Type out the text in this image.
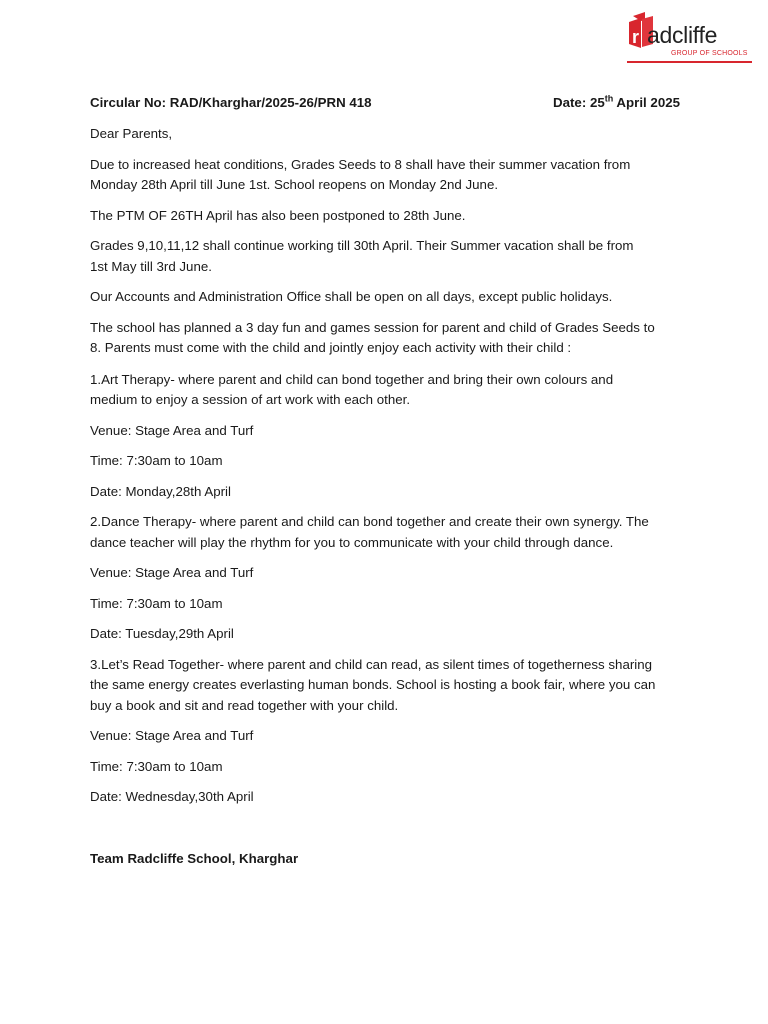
r adcliffe
GROUP OF SCHOOLS
Circular No: RAD/Kharghar/2025-26/PRN 418	Date: 25th April 2025

Dear Parents,

Due to increased heat conditions, Grades Seeds to 8 shall have their summer vacation from

Monday 28th April till June 1st. School reopens on Monday 2nd June.

The PTM OF 26TH April has also been postponed to 28th June.

Grades 9,10,11,12 shall continue working till 30th April. Their Summer vacation shall be from

1st May till 3rd June.

Our Accounts and Administration Office shall be open on all days, except public holidays.

The school has planned a 3 day fun and games session for parent and child of Grades Seeds to

8. Parents must come with the child and jointly enjoy each activity with their child :

1.Art Therapy- where parent and child can bond together and bring their own colours and

medium to enjoy a session of art work with each other.

Venue: Stage Area and Turf

Time: 7:30am to 10am

Date: Monday,28th April

2.Dance Therapy- where parent and child can bond together and create their own synergy. The

dance teacher will play the rhythm for you to communicate with your child through dance.

Venue: Stage Area and Turf

Time: 7:30am to 10am

Date: Tuesday,29th April

3.Let’s Read Together- where parent and child can read, as silent times of togetherness sharing

the same energy creates everlasting human bonds. School is hosting a book fair, where you can

buy a book and sit and read together with your child.

Venue: Stage Area and Turf

Time: 7:30am to 10am

Date: Wednesday,30th April

Team Radcliffe School, Kharghar
